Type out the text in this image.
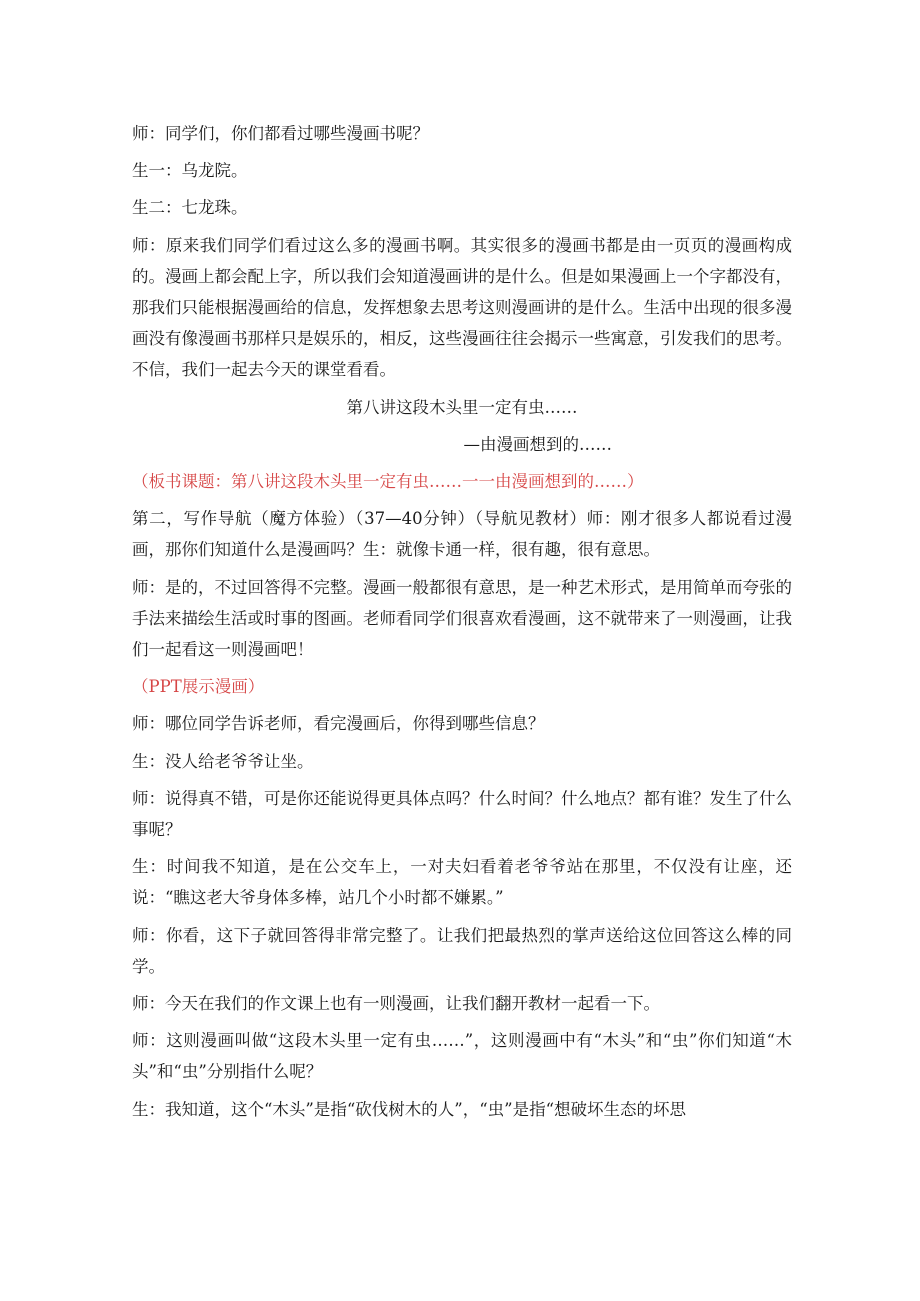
师：同学们，你们都看过哪些漫画书呢？

生一：乌龙院。

生二：七龙珠。

师：原来我们同学们看过这么多的漫画书啊。其实很多的漫画书都是由一页页的漫画构成的。漫画上都会配上字，所以我们会知道漫画讲的是什么。但是如果漫画上一个字都没有，那我们只能根据漫画给的信息，发挥想象去思考这则漫画讲的是什么。生活中出现的很多漫画没有像漫画书那样只是娱乐的，相反，这些漫画往往会揭示一些寓意，引发我们的思考。不信，我们一起去今天的课堂看看。

第八讲这段木头里一定有虫……

—由漫画想到的……

（板书课题：第八讲这段木头里一定有虫……一一由漫画想到的……）

第二，写作导航（魔方体验）（37—40分钟）（导航见教材）师：刚才很多人都说看过漫画，那你们知道什么是漫画吗？生：就像卡通一样，很有趣，很有意思。

师：是的，不过回答得不完整。漫画一般都很有意思，是一种艺术形式，是用简单而夸张的手法来描绘生活或时事的图画。老师看同学们很喜欢看漫画，这不就带来了一则漫画，让我们一起看这一则漫画吧！

（PPT展示漫画）

师：哪位同学告诉老师，看完漫画后，你得到哪些信息？

生：没人给老爷爷让坐。

师：说得真不错，可是你还能说得更具体点吗？什么时间？什么地点？都有谁？发生了什么事呢？

生：时间我不知道，是在公交车上，一对夫妇看着老爷爷站在那里，不仅没有让座，还说：“瞧这老大爷身体多棒，站几个小时都不嫌累。”

师：你看，这下子就回答得非常完整了。让我们把最热烈的掌声送给这位回答这么棒的同学。

师：今天在我们的作文课上也有一则漫画，让我们翻开教材一起看一下。

师：这则漫画叫做“这段木头里一定有虫……”，这则漫画中有“木头”和“虫”你们知道“木头”和“虫”分别指什么呢？

生：我知道，这个“木头”是指“砍伐树木的人”，“虫”是指“想破坏生态的坏思
